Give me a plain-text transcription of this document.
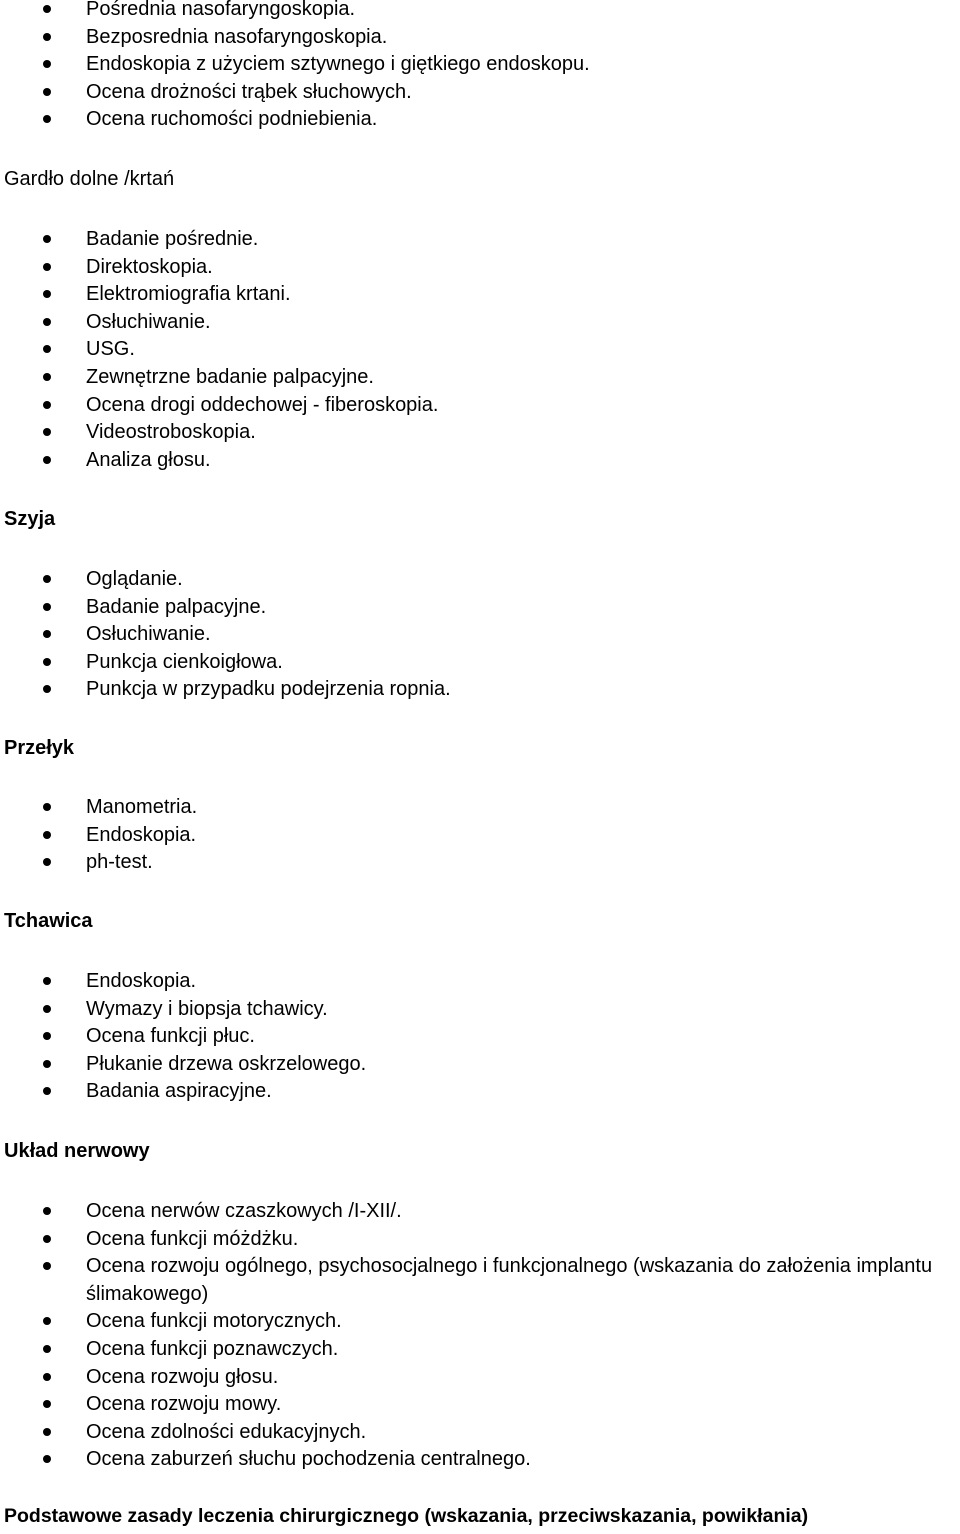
Pośrednia nasofaryngoskopia.
Bezposrednia nasofaryngoskopia.
Endoskopia z użyciem sztywnego i giętkiego endoskopu.
Ocena drożności trąbek słuchowych.
Ocena ruchomości podniebienia.
Gardło dolne /krtań
Badanie pośrednie.
Direktoskopia.
Elektromiografia krtani.
Osłuchiwanie.
USG.
Zewnętrzne badanie palpacyjne.
Ocena drogi oddechowej - fiberoskopia.
Videostroboskopia.
Analiza głosu.
Szyja
Oglądanie.
Badanie palpacyjne.
Osłuchiwanie.
Punkcja cienkoigłowa.
Punkcja w przypadku podejrzenia ropnia.
Przełyk
Manometria.
Endoskopia.
ph-test.
Tchawica
Endoskopia.
Wymazy i biopsja tchawicy.
Ocena funkcji płuc.
Płukanie drzewa oskrzelowego.
Badania aspiracyjne.
Układ nerwowy
Ocena nerwów czaszkowych /I-XII/.
Ocena funkcji móżdżku.
Ocena rozwoju ogólnego, psychosocjalnego i funkcjonalnego (wskazania do założenia implantu ślimakowego)
Ocena funkcji motorycznych.
Ocena funkcji poznawczych.
Ocena rozwoju głosu.
Ocena rozwoju mowy.
Ocena zdolności edukacyjnych.
Ocena zaburzeń słuchu pochodzenia centralnego.
Podstawowe zasady leczenia chirurgicznego (wskazania, przeciwskazania, powikłania)
